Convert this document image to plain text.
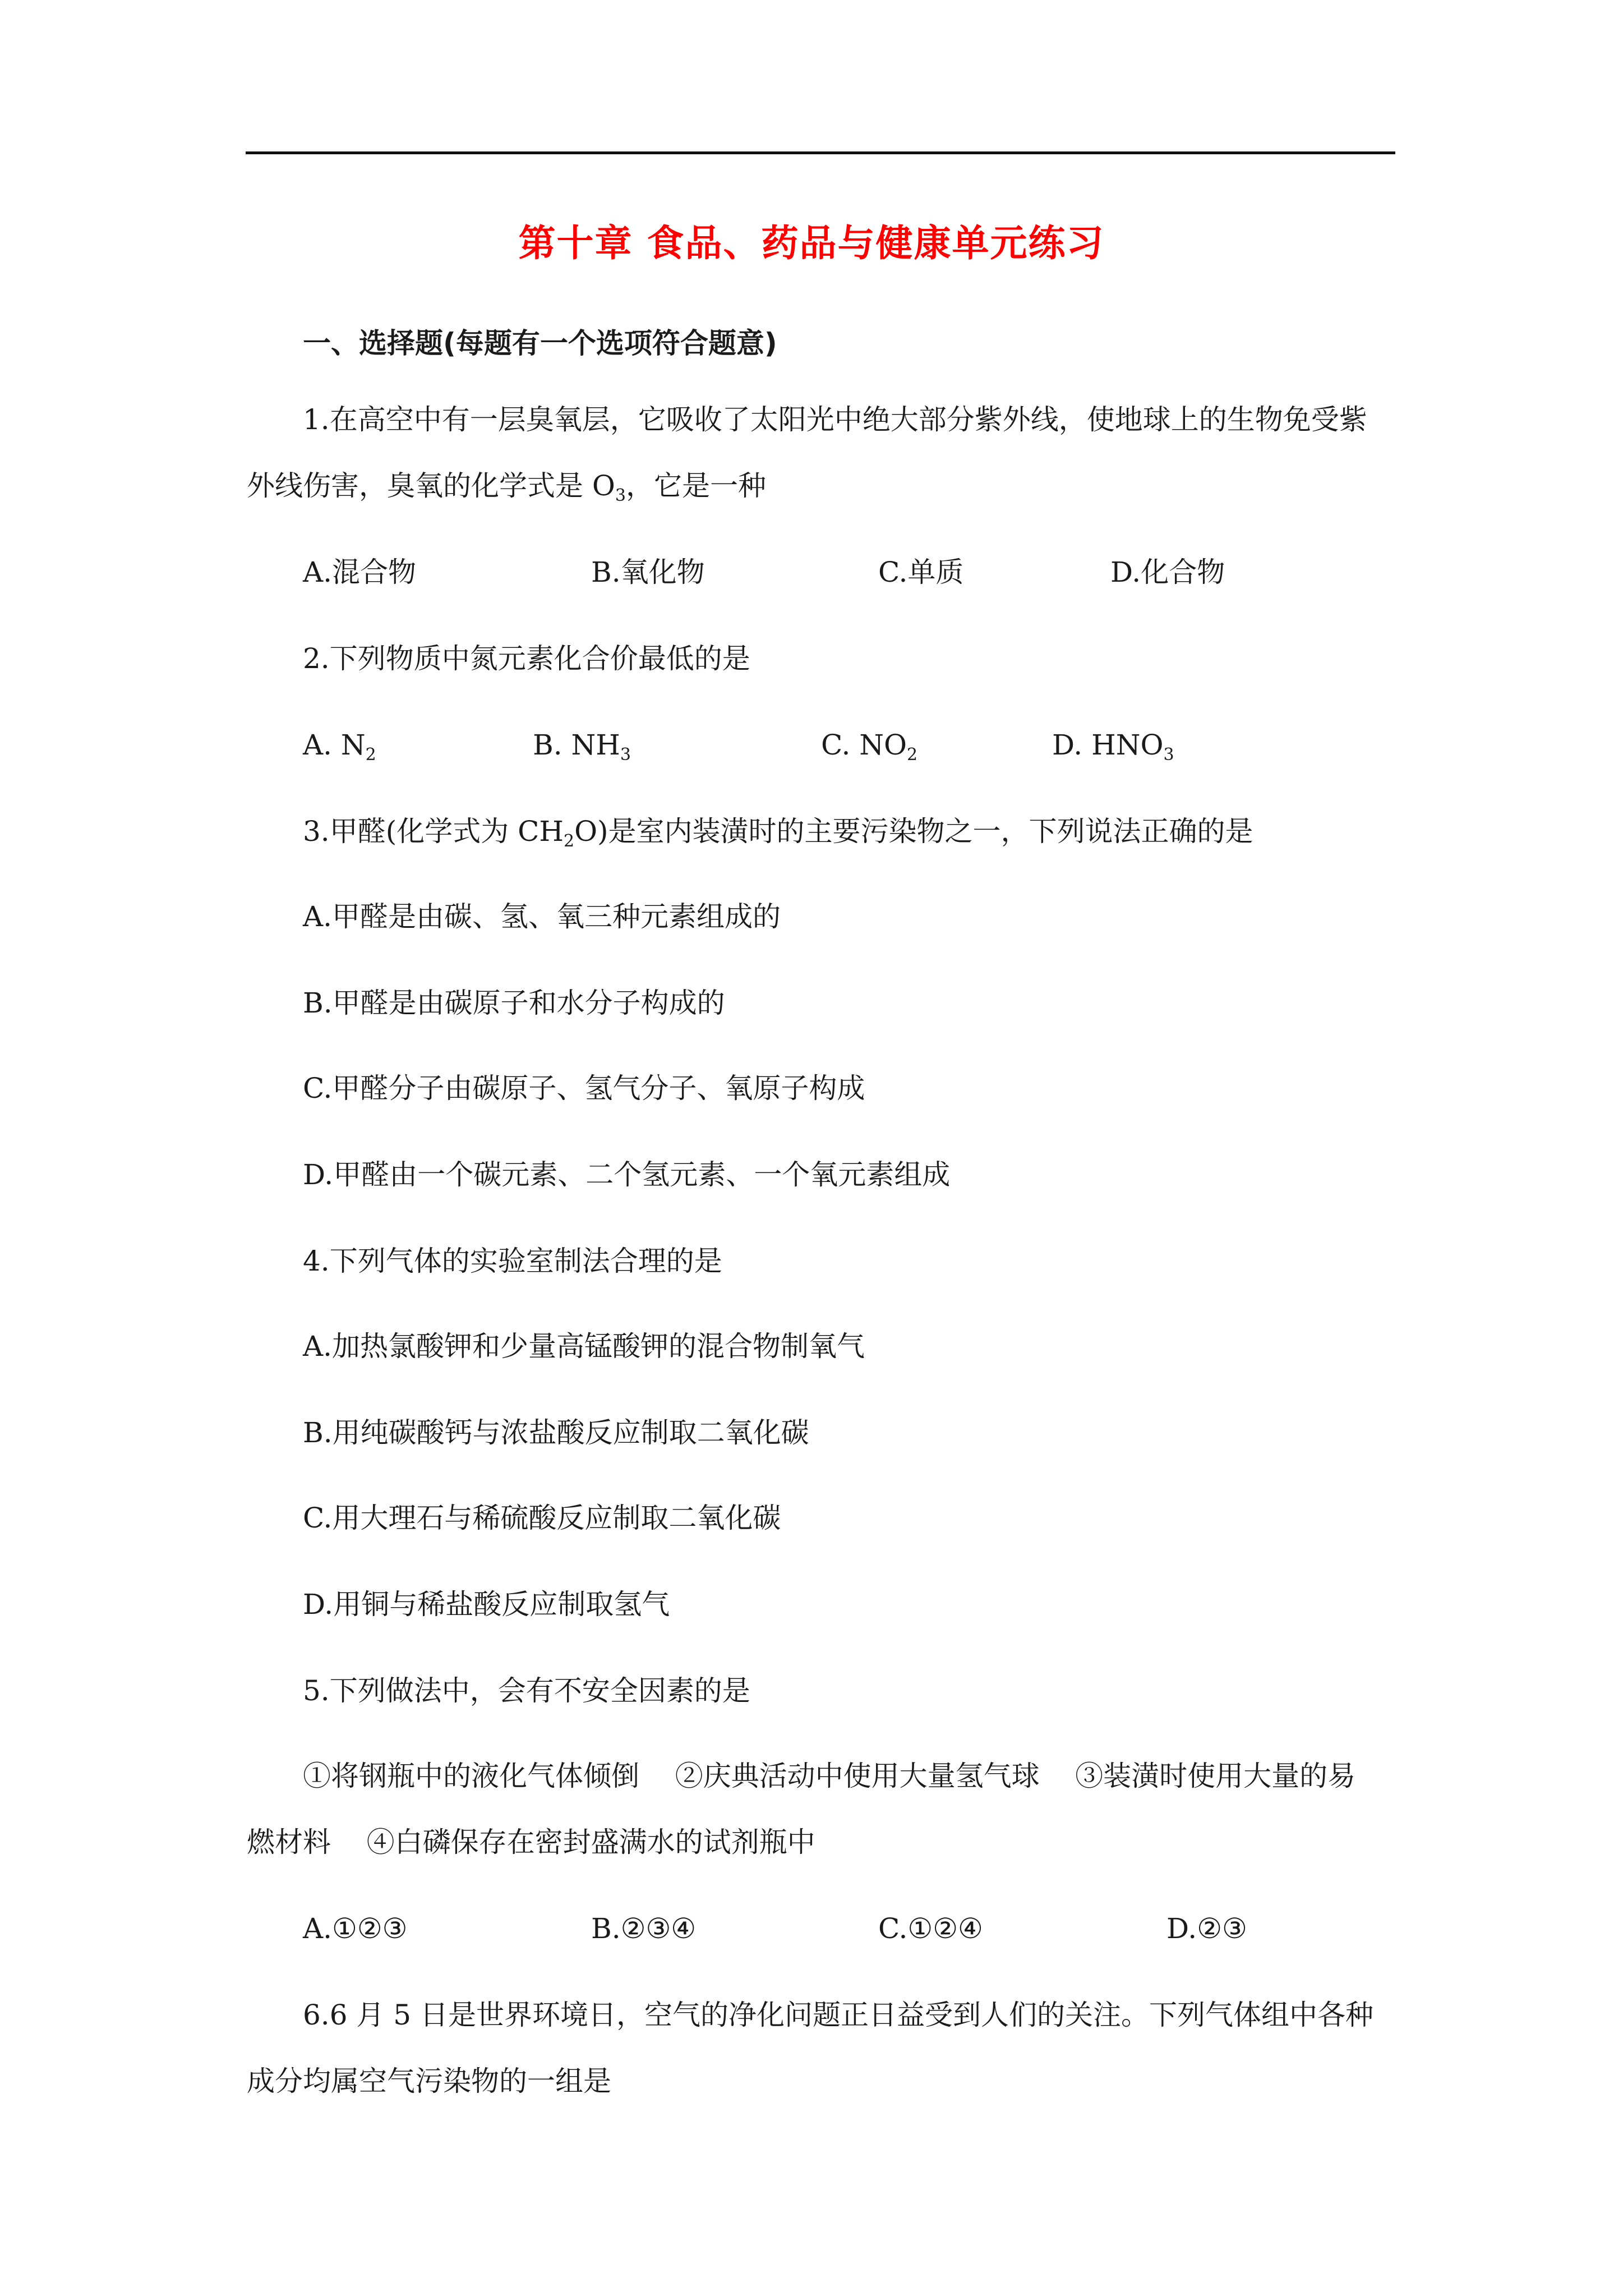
第十章 食品、药品与健康单元练习
一、选择题(每题有一个选项符合题意)
1.在高空中有一层臭氧层，它吸收了太阳光中绝大部分紫外线，使地球上的生物免受紫
外线伤害，臭氧的化学式是 $O_3$，它是一种
A.混合物	B.氧化物	C.单质	D.化合物
2.下列物质中氮元素化合价最低的是
A. $N_2$	B. $NH_3$	C. $NO_2$	D. $HNO_3$
3.甲醛(化学式为 $CH_2O$)是室内装潢时的主要污染物之一，下列说法正确的是
A.甲醛是由碳、氢、氧三种元素组成的
B.甲醛是由碳原子和水分子构成的
C.甲醛分子由碳原子、氢气分子、氧原子构成
D.甲醛由一个碳元素、二个氢元素、一个氧元素组成
4.下列气体的实验室制法合理的是
A.加热氯酸钾和少量高锰酸钾的混合物制氧气
B.用纯碳酸钙与浓盐酸反应制取二氧化碳
C.用大理石与稀硫酸反应制取二氧化碳
D.用铜与稀盐酸反应制取氢气
5.下列做法中，会有不安全因素的是
①将钢瓶中的液化气体倾倒    ②庆典活动中使用大量氢气球    ③装潢时使用大量的易
燃材料    ④白磷保存在密封盛满水的试剂瓶中
A.①②③	B.②③④	C.①②④	D.②③
6.6 月 5 日是世界环境日，空气的净化问题正日益受到人们的关注。下列气体组中各种
成分均属空气污染物的一组是
